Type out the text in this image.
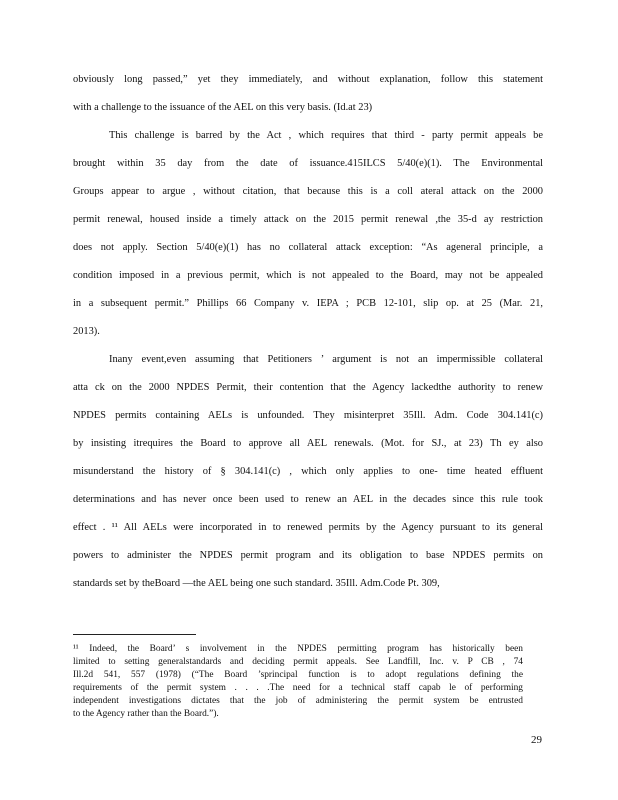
obviously long passed,” yet they immediately, and without explanation, follow this statement
with a challenge to the issuance of the AEL on this very basis. (Id.at 23)
This challenge is barred by the Act , which requires that third - party permit appeals be
brought within 35 day from the date of issuance.415ILCS 5/40(e)(1). The Environmental
Groups appear to argue , without citation, that because this is a coll ateral attack on the 2000
permit renewal, housed inside a timely attack on the 2015 permit renewal ,the 35-d ay restriction
does not apply. Section 5/40(e)(1) has no collateral attack exception: “As ageneral principle, a
condition imposed in a previous permit, which is not appealed to the Board, may not be appealed
in a subsequent permit.” Phillips 66 Company v. IEPA ; PCB 12-101, slip op. at 25 (Mar. 21,
2013).
Inany event,even assuming that Petitioners ’ argument is not an impermissible collateral
atta ck on the 2000 NPDES Permit, their contention that the Agency lackedthe authority to renew
NPDES permits containing AELs is unfounded. They misinterpret 35Ill. Adm. Code 304.141(c)
by insisting itrequires the Board to approve all AEL renewals. (Mot. for SJ., at 23) Th ey also
misunderstand the history of § 304.141(c) , which only applies to one- time heated effluent
determinations and has never once been used to renew an AEL in the decades since this rule took
effect . ¹¹ All AELs were incorporated in to renewed permits by the Agency pursuant to its general
powers to administer the NPDES permit program and its obligation to base NPDES permits on
standards set by theBoard —the AEL being one such standard. 35Ill. Adm.Code Pt. 309,
¹¹ Indeed, the Board’ s involvement in the NPDES permitting program has historically been
limited to setting generalstandards and deciding permit appeals. See Landfill, Inc. v. P CB , 74
Ill.2d 541, 557 (1978) (“The Board ’sprincipal function is to adopt regulations defining the
requirements of the permit system . . . .The need for a technical staff capab le of performing
independent investigations dictates that the job of administering the permit system be entrusted
to the Agency rather than the Board.”).
29
